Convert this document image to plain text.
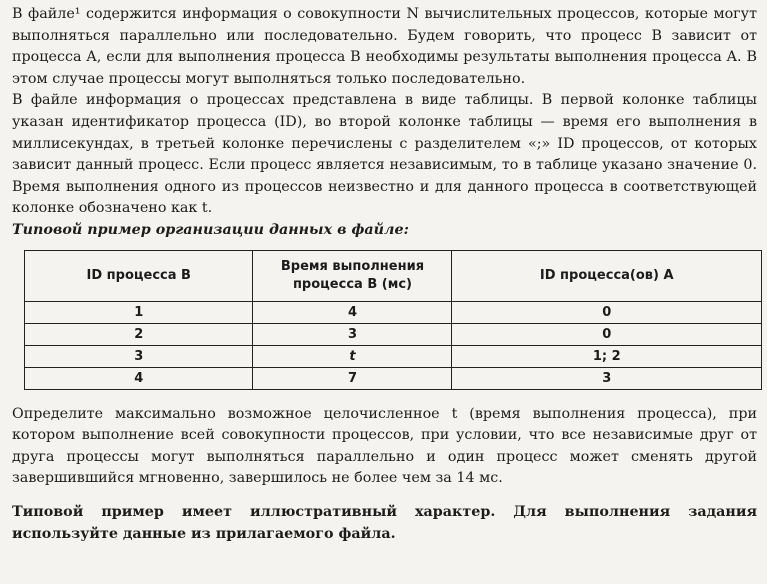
В файле¹ содержится информация о совокупности N вычислительных процессов, которые могут выполняться параллельно или последовательно. Будем говорить, что процесс B зависит от процесса A, если для выполнения процесса B необходимы результаты выполнения процесса A. В этом случае процессы могут выполняться только последовательно.

В файле информация о процессах представлена в виде таблицы. В первой колонке таблицы указан идентификатор процесса (ID), во второй колонке таблицы — время его выполнения в миллисекундах, в третьей колонке перечислены с разделителем «;» ID процессов, от которых зависит данный процесс. Если процесс является независимым, то в таблице указано значение 0. Время выполнения одного из процессов неизвестно и для данного процесса в соответствующей колонке обозначено как t.

Типовой пример организации данных в файле:

ID процесса B	Время выполнения процесса B (мс)	ID процесса(ов) A
1	4	0
2	3	0
3	t	1; 2
4	7	3

Определите максимально возможное целочисленное t (время выполнения процесса), при котором выполнение всей совокупности процессов, при условии, что все независимые друг от друга процессы могут выполняться параллельно и один процесс может сменять другой завершившийся мгновенно, завершилось не более чем за 14 мс.

Типовой пример имеет иллюстративный характер. Для выполнения задания используйте данные из прилагаемого файла.
